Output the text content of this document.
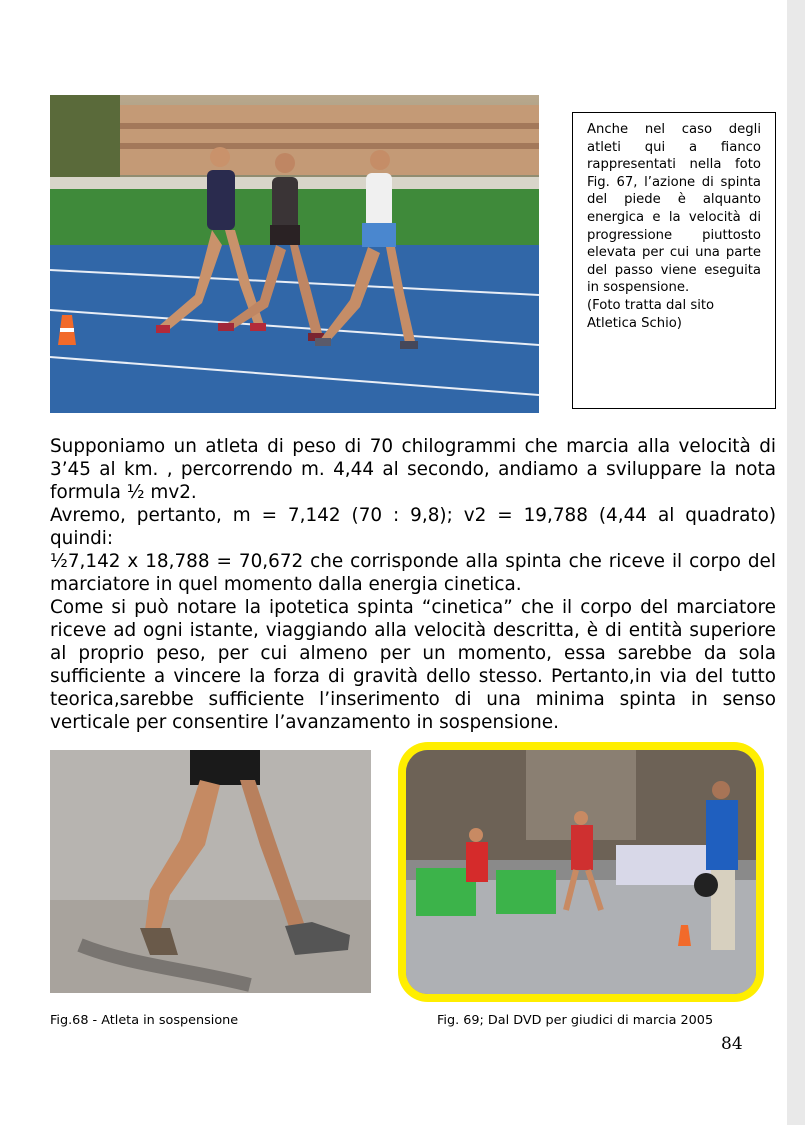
Anche nel caso degli atleti qui a fianco rappresentati nella foto Fig. 67, l’azione di spinta del piede è alquanto energica e la velocità di progressione piuttosto elevata per cui una parte del passo viene eseguita in sospensione.

(Foto tratta dal sito Atletica Schio)

Supponiamo un atleta di peso di 70 chilogrammi che marcia alla velocità di 3’45 al km. , percorrendo m. 4,44 al secondo, andiamo a sviluppare la nota formula ½ mv2.

Avremo, pertanto, m = 7,142 (70 : 9,8); v2 = 19,788 (4,44 al quadrato) quindi:

½7,142 x 18,788 = 70,672 che corrisponde alla spinta che riceve il corpo del marciatore in quel momento dalla energia cinetica.

Come si può notare la ipotetica spinta “cinetica” che il corpo del marciatore riceve ad ogni istante, viaggiando alla velocità descritta, è di entità superiore al proprio peso, per cui almeno per un momento, essa sarebbe da sola sufficiente a vincere la forza di gravità dello stesso. Pertanto,in via del tutto teorica,sarebbe sufficiente l’inserimento di una minima spinta in senso verticale per consentire l’avanzamento in sospensione.

Fig.68 - Atleta in sospensione	Fig. 69; Dal DVD per giudici di marcia 2005
84
